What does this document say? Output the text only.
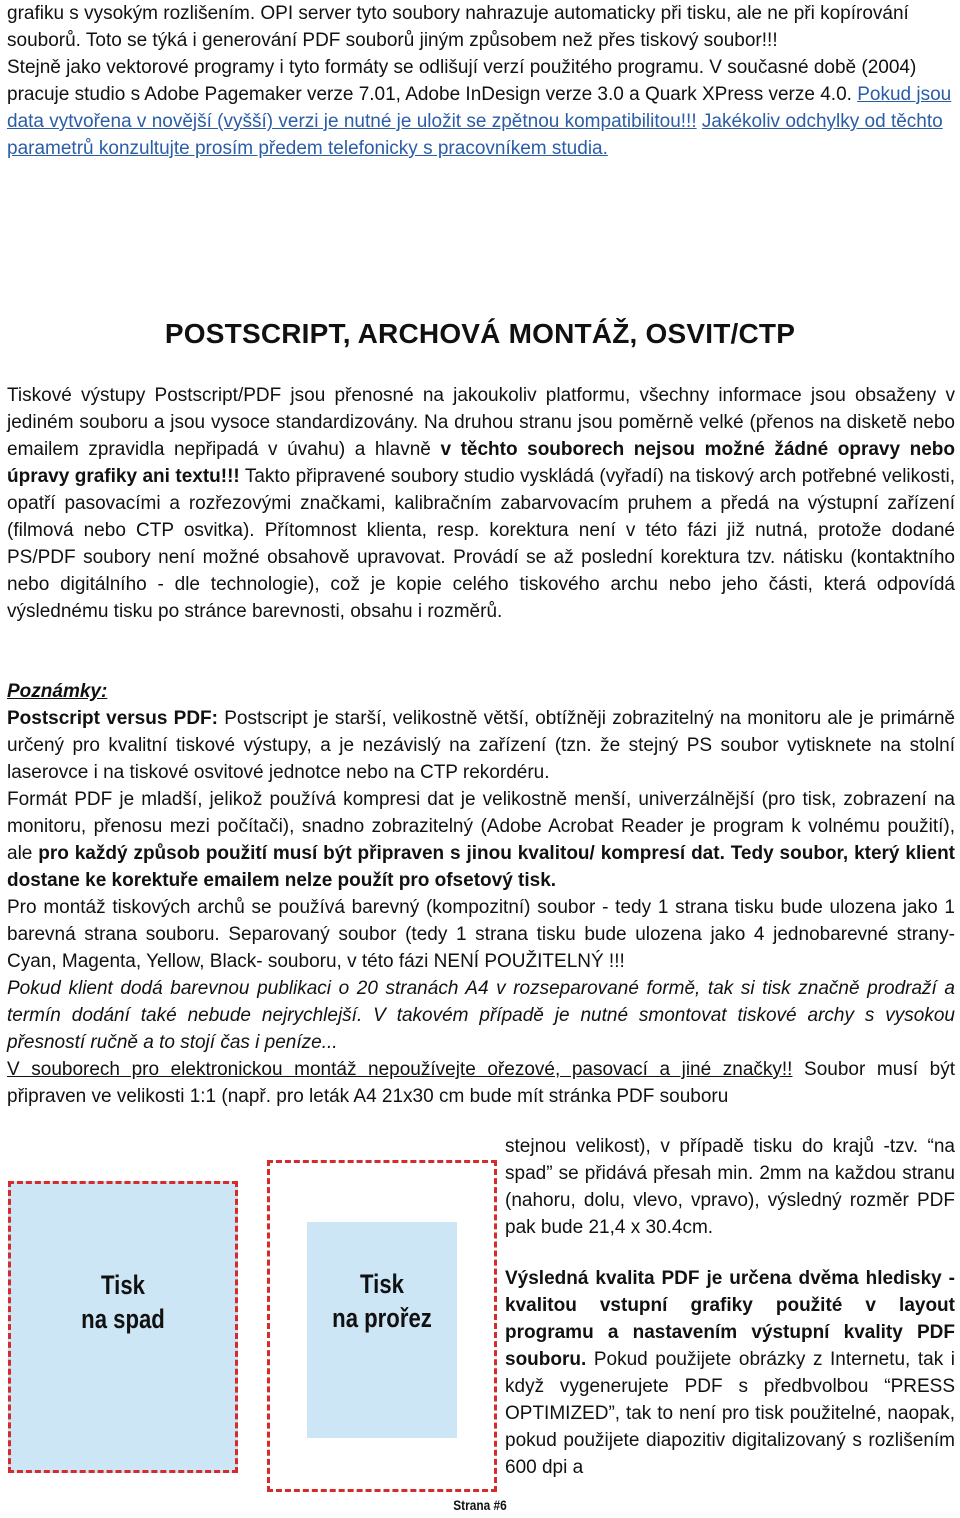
grafiku s vysokým rozlišením. OPI server tyto soubory nahrazuje automaticky při tisku, ale ne při kopírování souborů. Toto se týká i generování PDF souborů jiným způsobem než přes tiskový soubor!!!

Stejně jako vektorové programy i tyto formáty se odlišují verzí použitého programu. V současné době (2004) pracuje studio s Adobe Pagemaker verze 7.01, Adobe InDesign verze 3.0 a Quark XPress verze 4.0. Pokud jsou data vytvořena v novější (vyšší) verzi je nutné je uložit se zpětnou kompatibilitou!!! Jakékoliv odchylky od těchto parametrů konzultujte prosím předem telefonicky s pracovníkem studia.

POSTSCRIPT, ARCHOVÁ MONTÁŽ, OSVIT/CTP
Tiskové výstupy Postscript/PDF jsou přenosné na jakoukoliv platformu, všechny informace jsou obsaženy v jediném souboru a jsou vysoce standardizovány. Na druhou stranu jsou poměrně velké (přenos na disketě nebo emailem zpravidla nepřipadá v úvahu) a hlavně v těchto souborech nejsou možné žádné opravy nebo úpravy grafiky ani textu!!! Takto připravené soubory studio vyskládá (vyřadí) na tiskový arch potřebné velikosti, opatří pasovacími a rozřezovými značkami, kalibračním zabarvovacím pruhem a předá na výstupní zařízení (filmová nebo CTP osvitka). Přítomnost klienta, resp. korektura není v této fázi již nutná, protože dodané PS/PDF soubory není možné obsahově upravovat. Provádí se až poslední korektura tzv. nátisku (kontaktního nebo digitálního - dle technologie), což je kopie celého tiskového archu nebo jeho části, která odpovídá výslednému tisku po stránce barevnosti, obsahu i rozměrů.

Poznámky:

Postscript versus PDF: Postscript je starší, velikostně větší, obtížněji zobrazitelný na monitoru ale je primárně určený pro kvalitní tiskové výstupy, a je nezávislý na zařízení (tzn. že stejný PS soubor vytisknete na stolní laserovce i na tiskové osvitové jednotce nebo na CTP rekordéru.

Formát PDF je mladší, jelikož používá kompresi dat je velikostně menší, univerzálnější (pro tisk, zobrazení na monitoru, přenosu mezi počítači), snadno zobrazitelný (Adobe Acrobat Reader je program k volnému použití), ale pro každý způsob použití musí být připraven s jinou kvalitou/ kompresí dat. Tedy soubor, který klient dostane ke korektuře emailem nelze použít pro ofsetový tisk.

Pro montáž tiskových archů se používá barevný (kompozitní) soubor - tedy 1 strana tisku bude ulozena jako 1 barevná strana souboru. Separovaný soubor (tedy 1 strana tisku bude ulozena jako 4 jednobarevné strany- Cyan, Magenta, Yellow, Black- souboru, v této fázi NENÍ POUŽITELNÝ !!!

Pokud klient dodá barevnou publikaci o 20 stranách A4 v rozseparované formě, tak si tisk značně prodraží a termín dodání také nebude nejrychlejší. V takovém případě je nutné smontovat tiskové archy s vysokou přesností ručně a to stojí čas i peníze...

V souborech pro elektronickou montáž nepoužívejte ořezové, pasovací a jiné značky!! Soubor musí být připraven ve velikosti 1:1 (např. pro leták A4 21x30 cm bude mít stránka PDF souboru

stejnou velikost), v případě tisku do krajů -tzv. “na spad” se přidává přesah min. 2mm na každou stranu (nahoru, dolu, vlevo, vpravo), výsledný rozměr PDF pak bude 21,4 x 30.4cm.
Výsledná kvalita PDF je určena dvěma hledisky -kvalitou vstupní grafiky použité v layout programu a nastavením výstupní kvality PDF souboru. Pokud použijete obrázky z Internetu, tak i když vygenerujete PDF s předbvolbou “PRESS OPTIMIZED”, tak to není pro tisk použitelné, naopak, pokud použijete diapozitiv digitalizovaný s rozlišením 600 dpi a
Tisk
na spad
Tisk
na prořez
Strana #6
